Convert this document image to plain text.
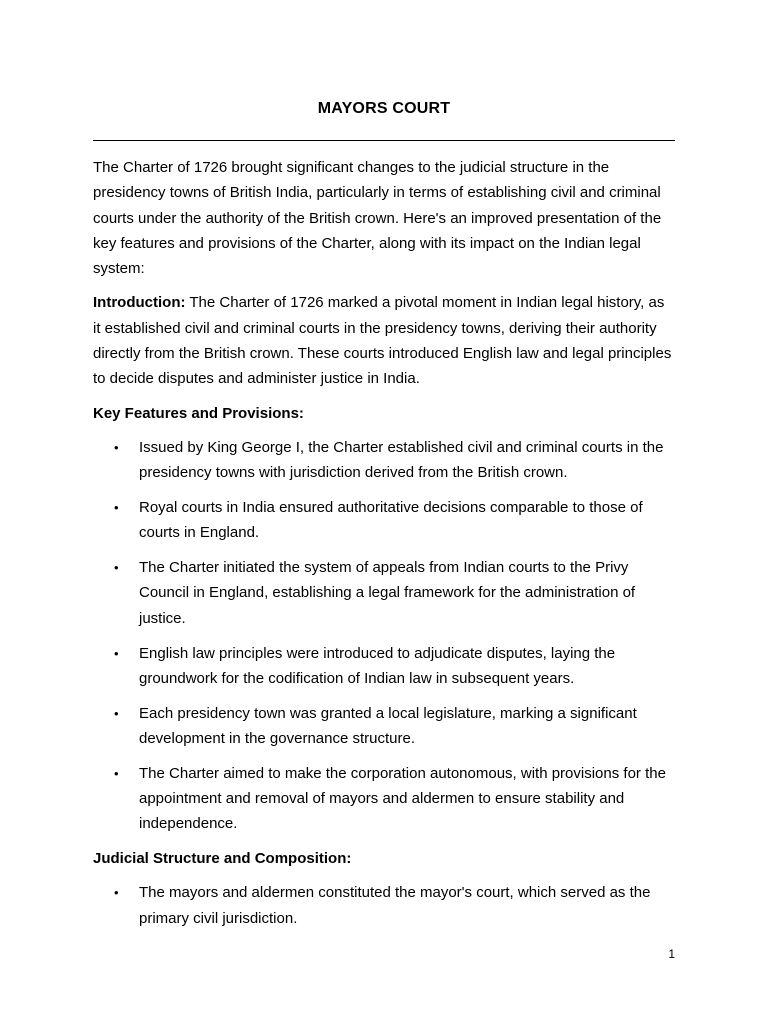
MAYORS COURT

The Charter of 1726 brought significant changes to the judicial structure in the presidency towns of British India, particularly in terms of establishing civil and criminal courts under the authority of the British crown. Here's an improved presentation of the key features and provisions of the Charter, along with its impact on the Indian legal system:

Introduction: The Charter of 1726 marked a pivotal moment in Indian legal history, as it established civil and criminal courts in the presidency towns, deriving their authority directly from the British crown. These courts introduced English law and legal principles to decide disputes and administer justice in India.

Key Features and Provisions:

• Issued by King George I, the Charter established civil and criminal courts in the presidency towns with jurisdiction derived from the British crown.
• Royal courts in India ensured authoritative decisions comparable to those of courts in England.
• The Charter initiated the system of appeals from Indian courts to the Privy Council in England, establishing a legal framework for the administration of justice.
• English law principles were introduced to adjudicate disputes, laying the groundwork for the codification of Indian law in subsequent years.
• Each presidency town was granted a local legislature, marking a significant development in the governance structure.
• The Charter aimed to make the corporation autonomous, with provisions for the appointment and removal of mayors and aldermen to ensure stability and independence.

Judicial Structure and Composition:

• The mayors and aldermen constituted the mayor's court, which served as the primary civil jurisdiction.
1
